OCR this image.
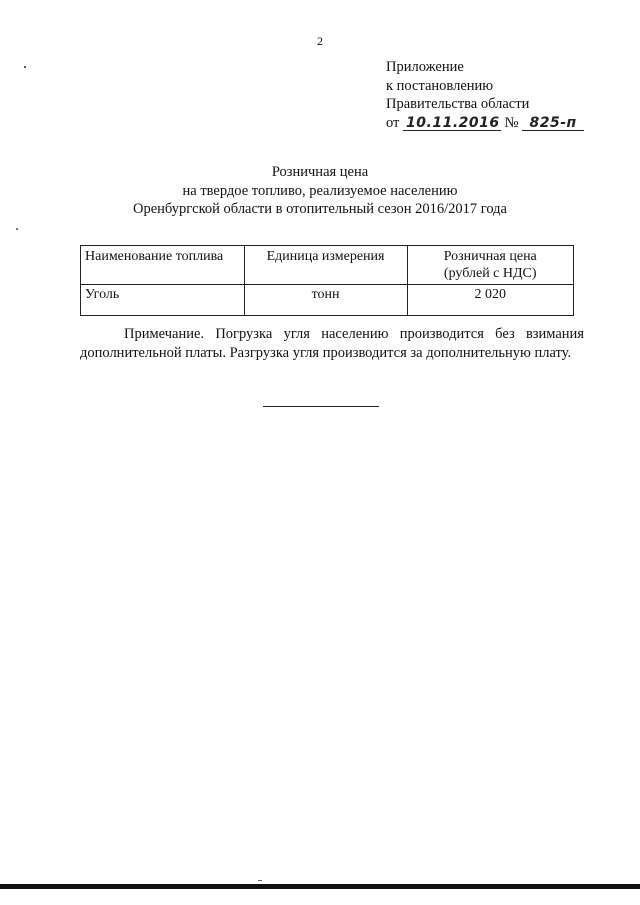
2
Приложение
к постановлению
Правительства области
от 10.11.2016 № 825-п
Розничная цена
на твердое топливо, реализуемое населению
Оренбургской области в отопительный сезон 2016/2017 года
Наименование топлива	Единица измерения	Розничная цена
(рублей с НДС)
Уголь	тонн	2 020
Примечание. Погрузка угля населению производится без взимания дополнительной платы. Разгрузка угля производится за дополнительную плату.
